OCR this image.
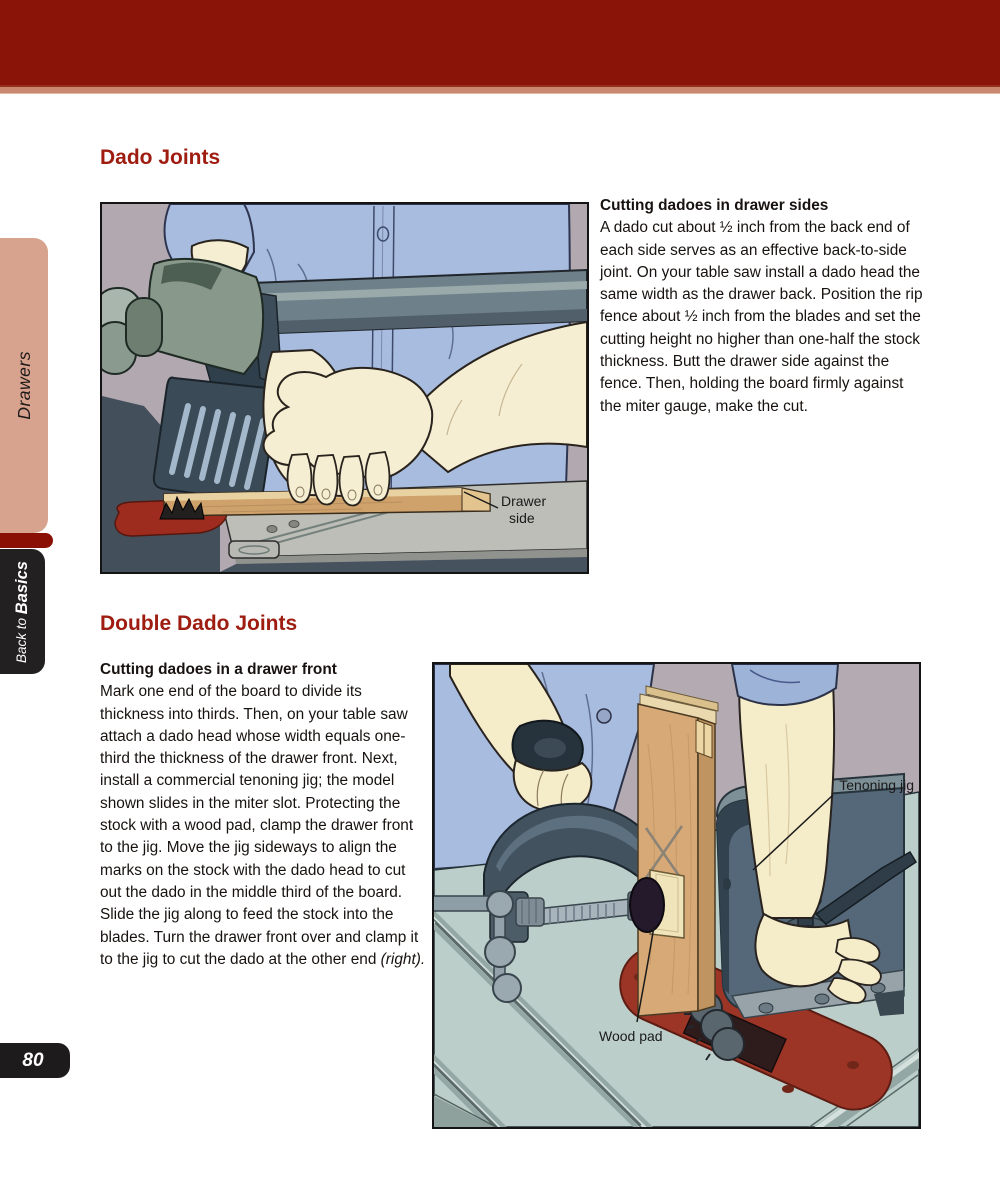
Drawers
Back to Basics
80
Dado Joints
Drawer
side
Cutting dadoes in drawer sides

A dado cut about ½ inch from the back end of each side serves as an effective back-to-side joint. On your table saw install a dado head the same width as the drawer back. Position the rip fence about ½ inch from the blades and set the cutting height no higher than one-half the stock thickness. Butt the drawer side against the fence. Then, holding the board firmly against the miter gauge, make the cut.

Double Dado Joints
Cutting dadoes in a drawer front

Mark one end of the board to divide its thickness into thirds. Then, on your table saw attach a dado head whose width equals one-third the thickness of the drawer front. Next, install a commercial tenoning jig; the model shown slides in the miter slot. Protecting the stock with a wood pad, clamp the drawer front to the jig. Move the jig sideways to align the marks on the stock with the dado head to cut out the dado in the middle third of the board. Slide the jig along to feed the stock into the blades. Turn the drawer front over and clamp it to the jig to cut the dado at the other end (right).

Tenoning jig
Wood pad
